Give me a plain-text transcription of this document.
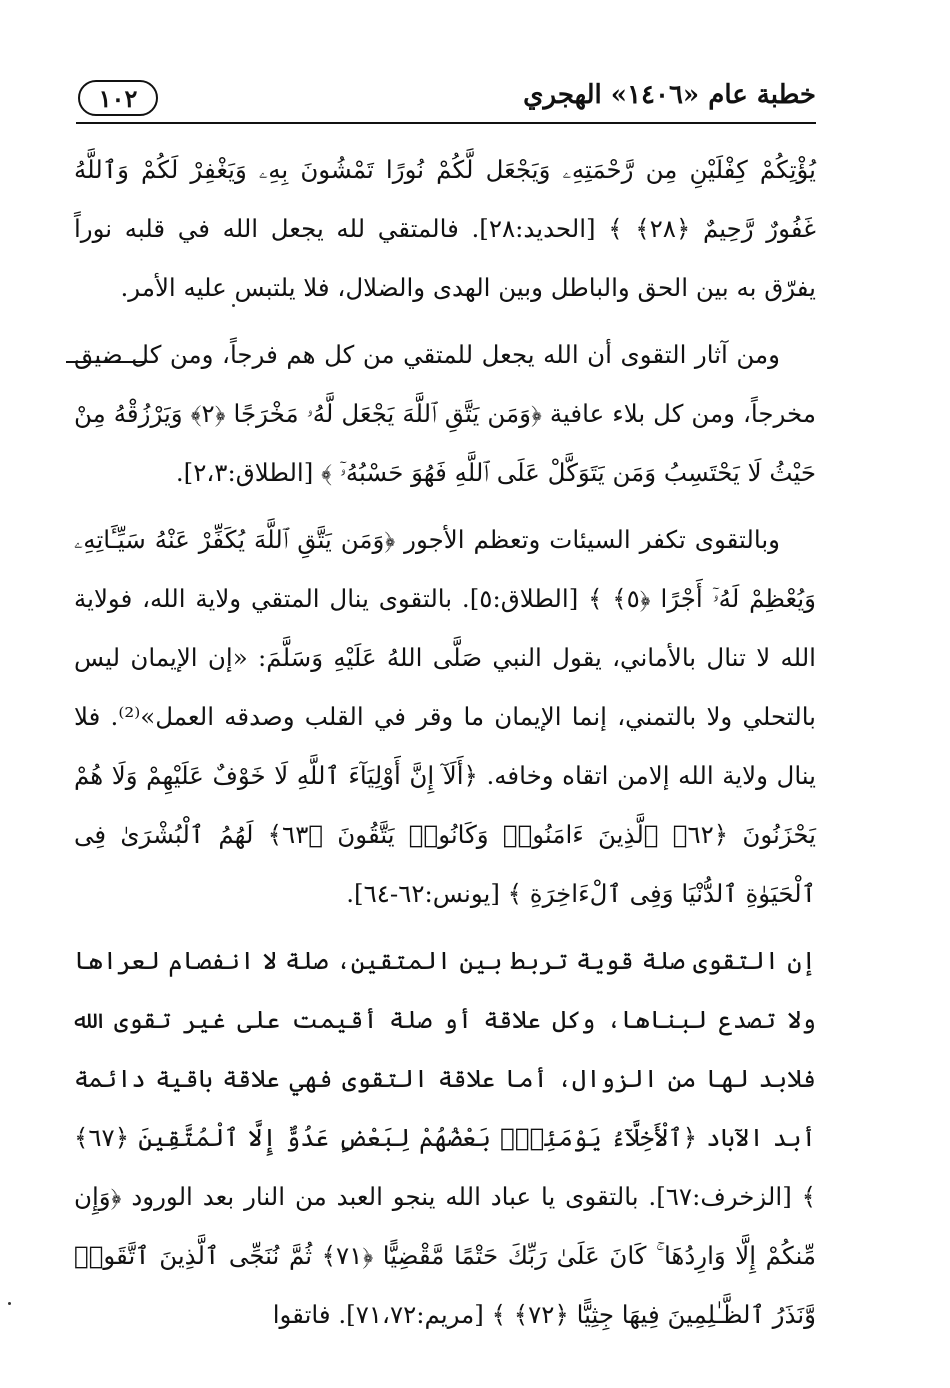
خطبة عام «١٤٠٦» الهجري
١٠٢

يُؤْتِكُمْ كِفْلَيْنِ مِن رَّحْمَتِهِۦ وَيَجْعَل لَّكُمْ نُورًا تَمْشُونَ بِهِۦ وَيَغْفِرْ لَكُمْ وَٱللَّهُ غَفُورٌ رَّحِيمٌ ﴿٢٨﴾ ﴾ [الحديد:٢٨]. فالمتقي لله يجعل الله في قلبه نوراً يفرّق به بين الحق والباطل وبين الهدى والضلال، فلا يلتبس عليه الأمر.

ومن آثار التقوى أن الله يجعل للمتقي من كل هم فرجاً، ومن كل ضيق مخرجاً، ومن كل بلاء عافية ﴿وَمَن يَتَّقِ ٱللَّهَ يَجْعَل لَّهُۥ مَخْرَجًا ﴿٢﴾ وَيَرْزُقْهُ مِنْ حَيْثُ لَا يَحْتَسِبُ وَمَن يَتَوَكَّلْ عَلَى ٱللَّهِ فَهُوَ حَسْبُهُۥٓ ﴾ [الطلاق:٢،٣].

وبالتقوى تكفر السيئات وتعظم الأجور ﴿وَمَن يَتَّقِ ٱللَّهَ يُكَفِّرْ عَنْهُ سَيِّـَٔاتِهِۦ وَيُعْظِمْ لَهُۥٓ أَجْرًا ﴿٥﴾ ﴾ [الطلاق:٥]. بالتقوى ينال المتقي ولاية الله، فولاية الله لا تنال بالأماني، يقول النبي صَلَّى اللهُ عَلَيْهِ وَسَلَّمَ: «إن الإيمان ليس بالتحلي ولا بالتمني، إنما الإيمان ما وقر في القلب وصدقه العمل»⁽²⁾. فلا ينال ولاية الله إلامن اتقاه وخافه. ﴿أَلَآ إِنَّ أَوْلِيَآءَ ٱللَّهِ لَا خَوْفٌ عَلَيْهِمْ وَلَا هُمْ يَحْزَنُونَ ﴿٦٢﴾ ٱلَّذِينَ ءَامَنُوا۟ وَكَانُوا۟ يَتَّقُونَ ﴿٦٣﴾ لَهُمُ ٱلْبُشْرَىٰ فِى ٱلْحَيَوٰةِ ٱلدُّنْيَا وَفِى ٱلْءَاخِرَةِ ﴾ [يونس:٦٢-٦٤].

إن التقوى صلة قوية تربط بين المتقين، صلة لا انفصام لعراها ولا تصدع لبناها، وكل علاقة أو صلة أقيمت على غير تقوى الله فلابد لها من الزوال، أما علاقة التقوى فهي علاقة باقية دائمة أبد الآباد ﴿ٱلْأَخِلَّآءُ يَوْمَئِذٍۭ بَعْضُهُمْ لِبَعْضٍ عَدُوٌّ إِلَّا ٱلْمُتَّقِينَ ﴿٦٧﴾ ﴾ [الزخرف:٦٧]. بالتقوى يا عباد الله ينجو العبد من النار بعد الورود ﴿وَإِن مِّنكُمْ إِلَّا وَارِدُهَا ۚ كَانَ عَلَىٰ رَبِّكَ حَتْمًا مَّقْضِيًّا ﴿٧١﴾ ثُمَّ نُنَجِّى ٱلَّذِينَ ٱتَّقَوا۟ وَّنَذَرُ ٱلظَّـٰلِمِينَ فِيهَا جِثِيًّا ﴿٧٢﴾ ﴾ [مريم:٧١،٧٢]. فاتقوا
